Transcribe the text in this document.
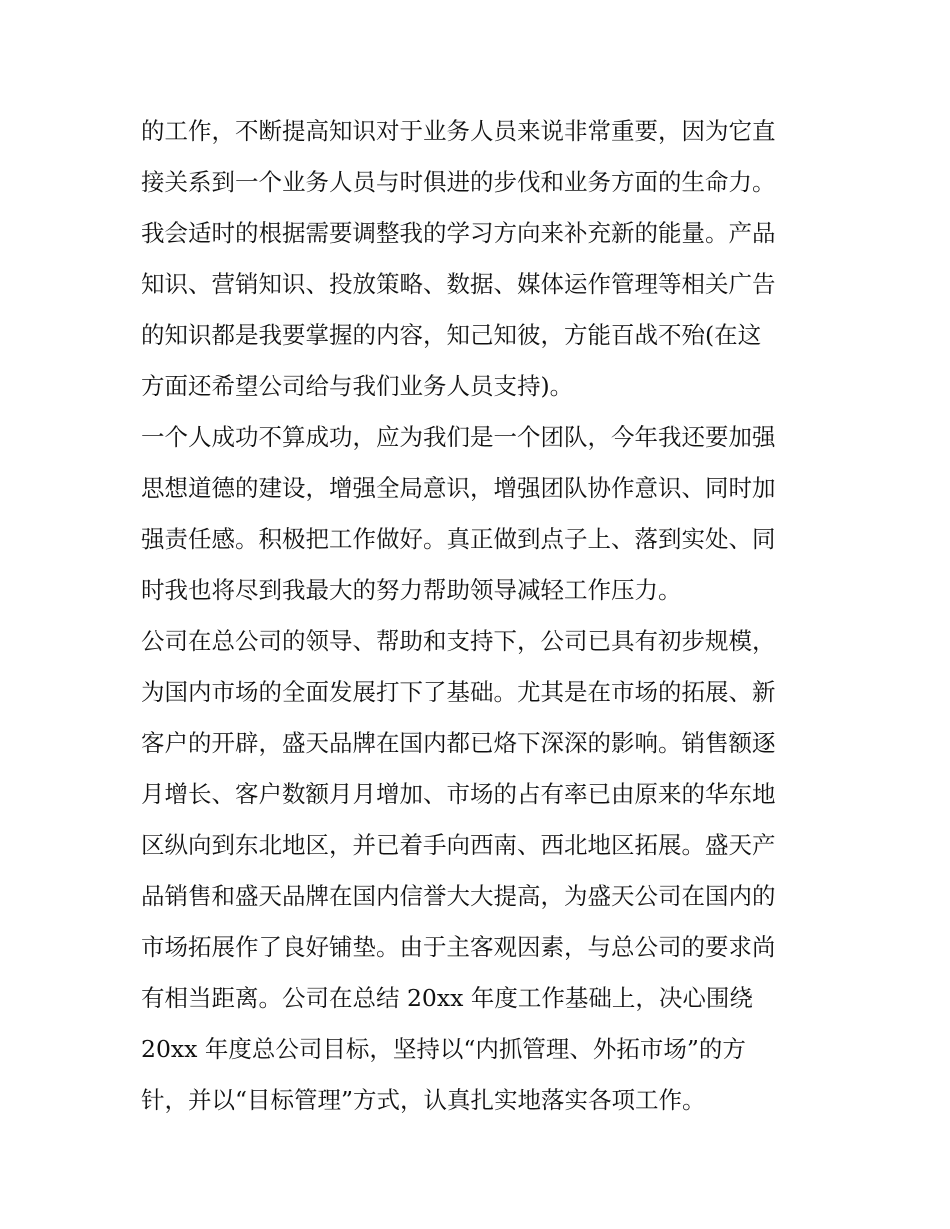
的工作，不断提高知识对于业务人员来说非常重要，因为它直
接关系到一个业务人员与时俱进的步伐和业务方面的生命力。
我会适时的根据需要调整我的学习方向来补充新的能量。产品
知识、营销知识、投放策略、数据、媒体运作管理等相关广告
的知识都是我要掌握的内容，知己知彼，方能百战不殆(在这
方面还希望公司给与我们业务人员支持)。
一个人成功不算成功，应为我们是一个团队，今年我还要加强
思想道德的建设，增强全局意识，增强团队协作意识、同时加
强责任感。积极把工作做好。真正做到点子上、落到实处、同
时我也将尽到我最大的努力帮助领导减轻工作压力。
公司在总公司的领导、帮助和支持下，公司已具有初步规模，
为国内市场的全面发展打下了基础。尤其是在市场的拓展、新
客户的开辟，盛天品牌在国内都已烙下深深的影响。销售额逐
月增长、客户数额月月增加、市场的占有率已由原来的华东地
区纵向到东北地区，并已着手向西南、西北地区拓展。盛天产
品销售和盛天品牌在国内信誉大大提高，为盛天公司在国内的
市场拓展作了良好铺垫。由于主客观因素，与总公司的要求尚
有相当距离。公司在总结 20xx 年度工作基础上，决心围绕
20xx 年度总公司目标，坚持以“内抓管理、外拓市场”的方
针，并以“目标管理”方式，认真扎实地落实各项工作。
